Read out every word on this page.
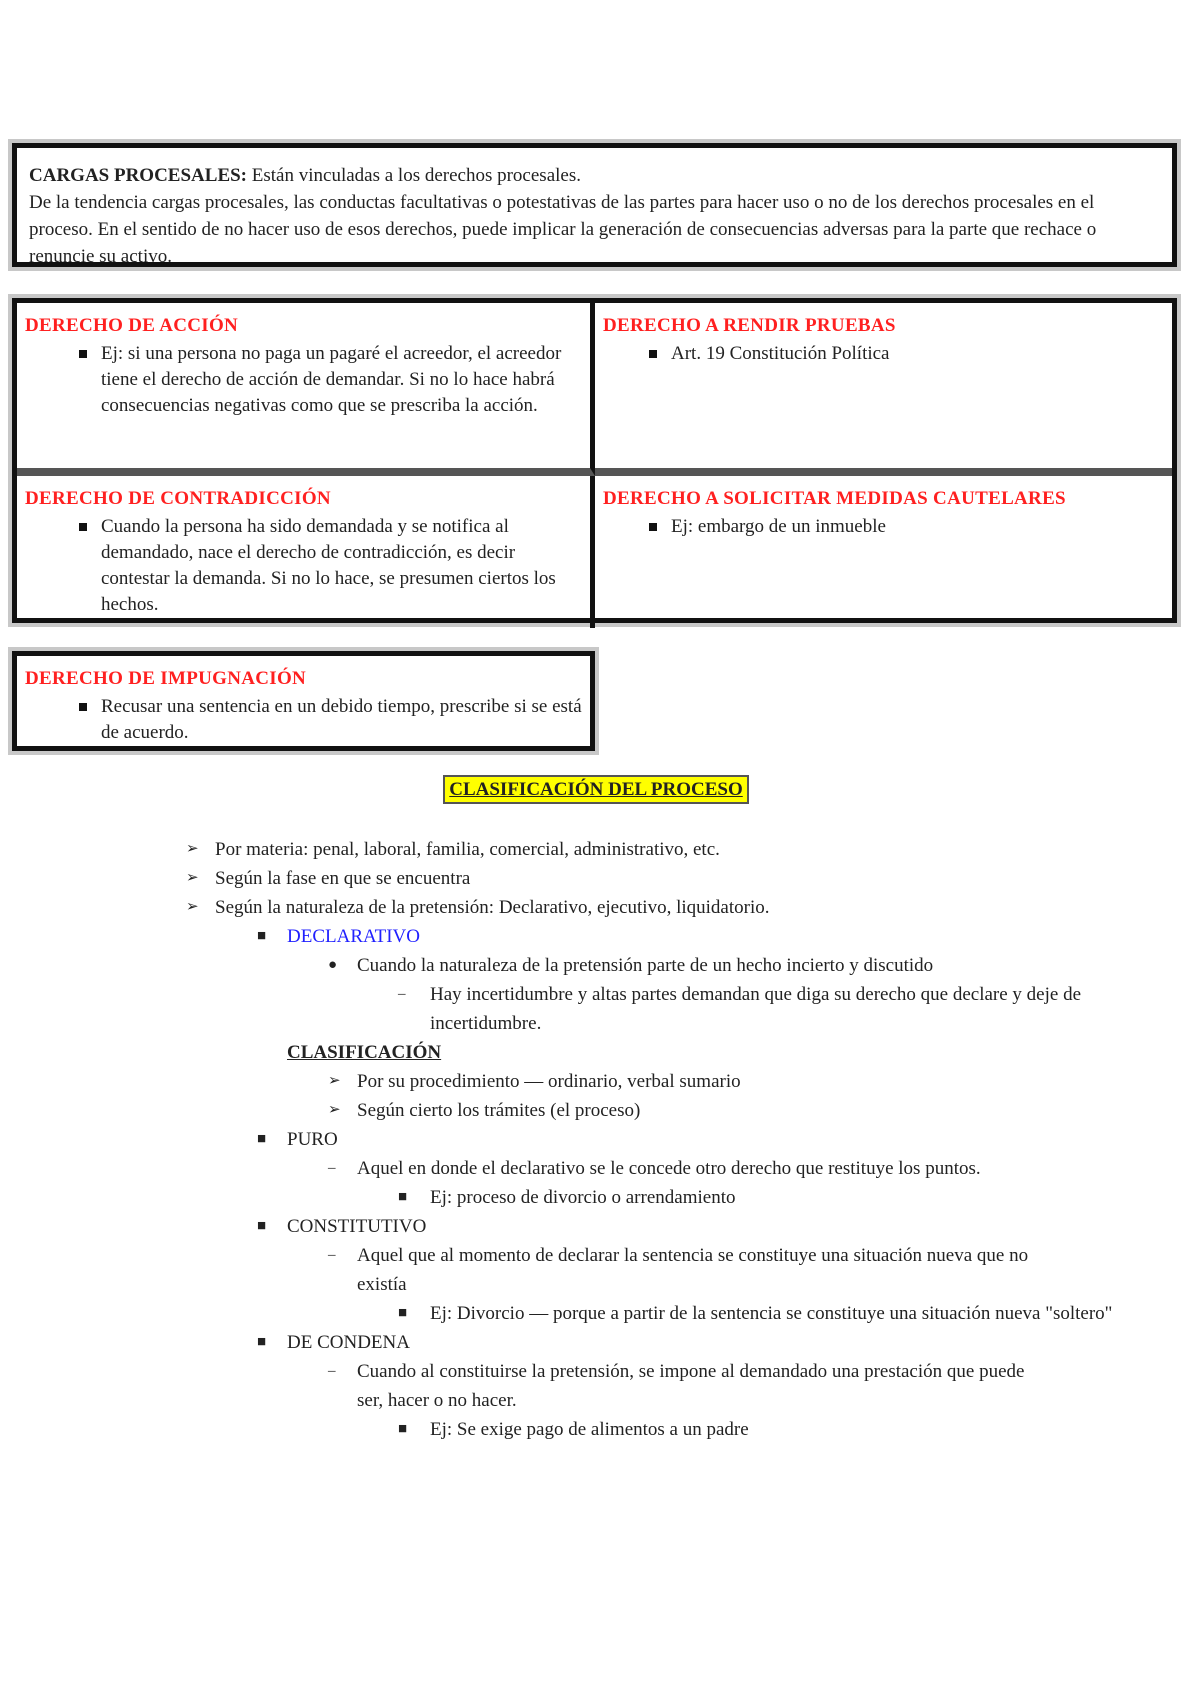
CARGAS PROCESALES: Están vinculadas a los derechos procesales.
De la tendencia cargas procesales, las conductas facultativas o potestativas de las partes para hacer uso o no de los derechos procesales en el proceso. En el sentido de no hacer uso de esos derechos, puede implicar la generación de consecuencias adversas para la parte que rechace o renuncie su activo.
DERECHO DE ACCIÓN
Ej: si una persona no paga un pagaré el acreedor, el acreedor tiene el derecho de acción de demandar. Si no lo hace habrá consecuencias negativas como que se prescriba la acción.
DERECHO A RENDIR PRUEBAS
Art. 19 Constitución Política
DERECHO DE CONTRADICCIÓN
Cuando la persona ha sido demandada y se notifica al demandado, nace el derecho de contradicción, es decir contestar la demanda. Si no lo hace, se presumen ciertos los hechos.
DERECHO A SOLICITAR MEDIDAS CAUTELARES
Ej: embargo de un inmueble
DERECHO DE IMPUGNACIÓN
Recusar una sentencia en un debido tiempo, prescribe si se está de acuerdo.
CLASIFICACIÓN DEL PROCESO
➢ Por materia: penal, laboral, familia, comercial, administrativo, etc.
➢ Según la fase en que se encuentra
➢ Según la naturaleza de la pretensión: Declarativo, ejecutivo, liquidatorio.
■ DECLARATIVO
● Cuando la naturaleza de la pretensión parte de un hecho incierto y discutido
– Hay incertidumbre y altas partes demandan que diga su derecho que declare y deje de incertidumbre.
CLASIFICACIÓN
➢ Por su procedimiento — ordinario, verbal sumario
➢ Según cierto los trámites (el proceso)
■ PURO
– Aquel en donde el declarativo se le concede otro derecho que restituye los puntos.
■ Ej: proceso de divorcio o arrendamiento
■ CONSTITUTIVO
– Aquel que al momento de declarar la sentencia se constituye una situación nueva que no existía
■ Ej: Divorcio — porque a partir de la sentencia se constituye una situación nueva "soltero"
■ DE CONDENA
– Cuando al constituirse la pretensión, se impone al demandado una prestación que puede ser, hacer o no hacer.
■ Ej: Se exige pago de alimentos a un padre
